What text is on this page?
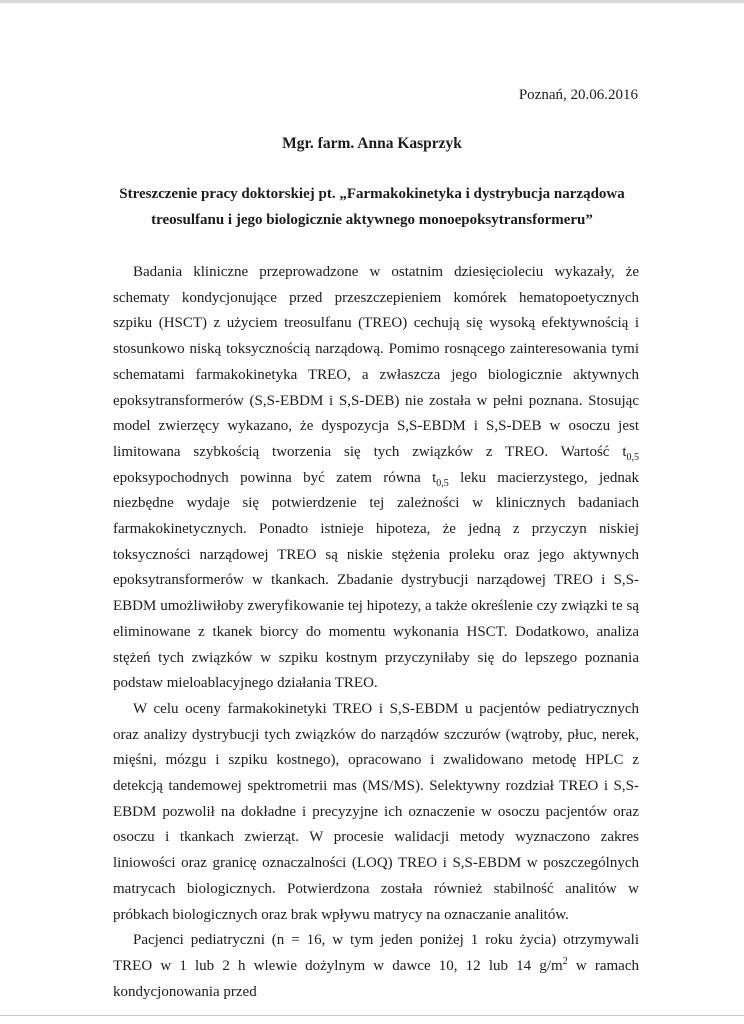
Poznań, 20.06.2016
Mgr. farm. Anna Kasprzyk
Streszczenie pracy doktorskiej pt. „Farmakokinetyka i dystrybucja narządowa
treosulfanu i jego biologicznie aktywnego monoepoksytransformeru”

Badania kliniczne przeprowadzone w ostatnim dziesięcioleciu wykazały, że schematy kondycjonujące przed przeszczepieniem komórek hematopoetycznych szpiku (HSCT) z użyciem treosulfanu (TREO) cechują się wysoką efektywnością i stosunkowo niską toksycznością narządową. Pomimo rosnącego zainteresowania tymi schematami farmakokinetyka TREO, a zwłaszcza jego biologicznie aktywnych epoksytransformerów (S,S-EBDM i S,S-DEB) nie została w pełni poznana. Stosując model zwierzęcy wykazano, że dyspozycja S,S-EBDM i S,S-DEB w osoczu jest limitowana szybkością tworzenia się tych związków z TREO. Wartość $t_{0,5}$ epoksypochodnych powinna być zatem równa $t_{0,5}$ leku macierzystego, jednak niezbędne wydaje się potwierdzenie tej zależności w klinicznych badaniach farmakokinetycznych. Ponadto istnieje hipoteza, że jedną z przyczyn niskiej toksyczności narządowej TREO są niskie stężenia proleku oraz jego aktywnych epoksytransformerów w tkankach. Zbadanie dystrybucji narządowej TREO i S,S-EBDM umożliwiłoby zweryfikowanie tej hipotezy, a także określenie czy związki te są eliminowane z tkanek biorcy do momentu wykonania HSCT. Dodatkowo, analiza stężeń tych związków w szpiku kostnym przyczyniłaby się do lepszego poznania podstaw mieloablacyjnego działania TREO.

W celu oceny farmakokinetyki TREO i S,S-EBDM u pacjentów pediatrycznych oraz analizy dystrybucji tych związków do narządów szczurów (wątroby, płuc, nerek, mięśni, mózgu i szpiku kostnego), opracowano i zwalidowano metodę HPLC z detekcją tandemowej spektrometrii mas (MS/MS). Selektywny rozdział TREO i S,S-EBDM pozwolił na dokładne i precyzyjne ich oznaczenie w osoczu pacjentów oraz osoczu i tkankach zwierząt. W procesie walidacji metody wyznaczono zakres liniowości oraz granicę oznaczalności (LOQ) TREO i S,S-EBDM w poszczególnych matrycach biologicznych. Potwierdzona została również stabilność analitów w próbkach biologicznych oraz brak wpływu matrycy na oznaczanie analitów.

Pacjenci pediatryczni (n = 16, w tym jeden poniżej 1 roku życia) otrzymywali TREO w 1 lub 2 h wlewie dożylnym w dawce 10, 12 lub 14 $g/m^2$ w ramach kondycjonowania przed
